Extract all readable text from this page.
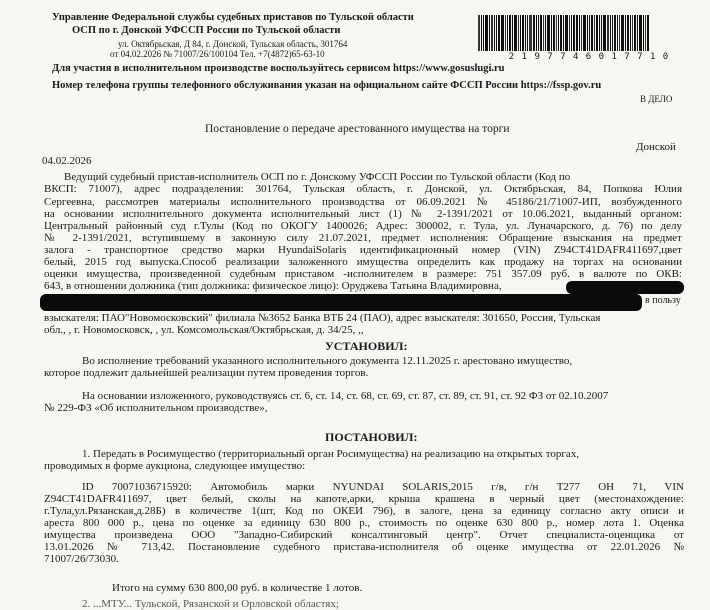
Управление Федеральной службы судебных приставов по Тульской области
ОСП по г. Донской УФССП России по Тульской области
ул. Октябрьская, Д 84, г. Донской, Тульская область, 301764
от 04.02.2026 № 71007/26/100104 Тел. +7(4872)65-63-10	2 1 9 7 7 4 6 0 1 7 7 1 0
Для участия в исполнительном производстве воспользуйтесь сервисом https://www.gosuslugi.ru
Номер телефона группы телефонного обслуживания указан на официальном сайте ФССП России https://fssp.gov.ru
В ДЕЛО
Постановление о передаче арестованного имущества на торги
Донской
04.02.2026
Ведущий судебный пристав-исполнитель ОСП по г. Донскому УФССП России по Тульской области (Код по
ВКСП: 71007), адрес подразделения: 301764, Тульская область, г. Донской, ул. Октябрьская, 84, Попкова Юлия
Сергеевна, рассмотрев материалы исполнительного производства от 06.09.2021 № 45186/21/71007-ИП, возбужденного
на основании исполнительного документа исполнительный лист (1) № 2-1391/2021 от 10.06.2021, выданный органом:
Центральный районный суд г.Тулы (Код по ОКОГУ 1400026; Адрес: 300002, г. Тула, ул. Луначарского, д. 76) по делу
№ 2-1391/2021, вступившему в законную силу 21.07.2021, предмет исполнения: Обращение взыскания на предмет
залога - транспортное средство марки HyundaiSolaris идентификационный номер (VIN) Z94CT41DAFR411697,цвет
белый, 2015 год выпуска.Способ реализации заложенного имущества определить как продажу на торгах на основании
оценки имущества, произведенной судебным приставом -исполнителем в размере: 751 357.09 руб. в валюте по ОКВ:
643, в отношении должника (тип должника: физическое лицо): Оруджева Татьяна Владимировна,
в пользу
взыскателя: ПАО"Новомосковский" филиала №3652 Банка ВТБ 24 (ПАО), адрес взыскателя: 301650, Россия, Тульская
обл., , г. Новомосковск, , ул. Комсомольская/Октябрьская, д. 34/25, ,,
УСТАНОВИЛ:
Во исполнение требований указанного исполнительного документа 12.11.2025 г. арестовано имущество,
которое подлежит дальнейшей реализации путем проведения торгов.
На основании изложенного, руководствуясь ст. 6, ст. 14, ст. 68, ст. 69, ст. 87, ст. 89, ст. 91, ст. 92 ФЗ от 02.10.2007
№ 229-ФЗ «Об исполнительном производстве»,
ПОСТАНОВИЛ:
1. Передать в Росимущество (территориальный орган Росимущества) на реализацию на открытых торгах,
проводимых в форме аукциона, следующее имущество:
ID 70071036715920: Автомобиль марки NYUNDAI SOLARIS,2015 г/в, г/н Т277 ОН 71, VIN
Z94CT41DAFR411697, цвет белый, сколы на капоте,арки, крыша крашена в черный цвет (местонахождение:
г.Тула,ул.Рязанская,д.28Б) в количестве 1(шт, Код по ОКЕИ 796), в залоге, цена за единицу согласно акту описи и
ареста 800 000 р., цена по оценке за единицу 630 800 р., стоимость по оценке 630 800 р., номер лота 1. Оценка
имущества произведена ООО "Западно-Сибирский консалтинговый центр". Отчет специалиста-оценщика от
13.01.2026 № 713,42. Постановление судебного пристава-исполнителя об оценке имущества от 22.01.2026 №
71007/26/73030.
Итого на сумму 630 800,00 руб. в количестве 1 лотов.
2. ...МТУ... Тульской, Рязанской и Орловской областях;
